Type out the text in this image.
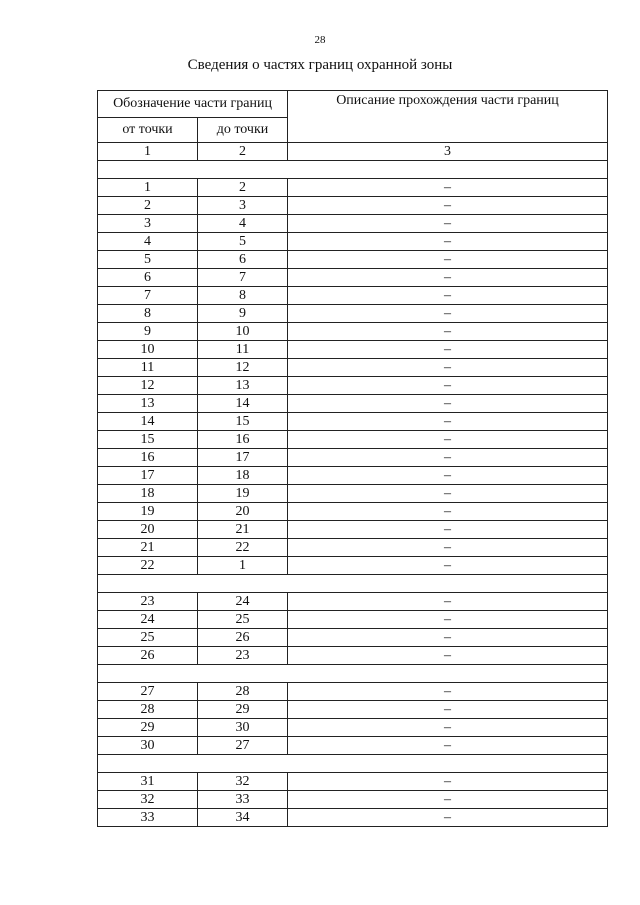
28
Сведения о частях границ охранной зоны
Обозначение части границ		Описание прохождения части границ
от точки	до точки	
1	2	3

1	2	–
2	3	–
3	4	–
4	5	–
5	6	–
6	7	–
7	8	–
8	9	–
9	10	–
10	11	–
11	12	–
12	13	–
13	14	–
14	15	–
15	16	–
16	17	–
17	18	–
18	19	–
19	20	–
20	21	–
21	22	–
22	1	–

23	24	–
24	25	–
25	26	–
26	23	–

27	28	–
28	29	–
29	30	–
30	27	–

31	32	–
32	33	–
33	34	–
